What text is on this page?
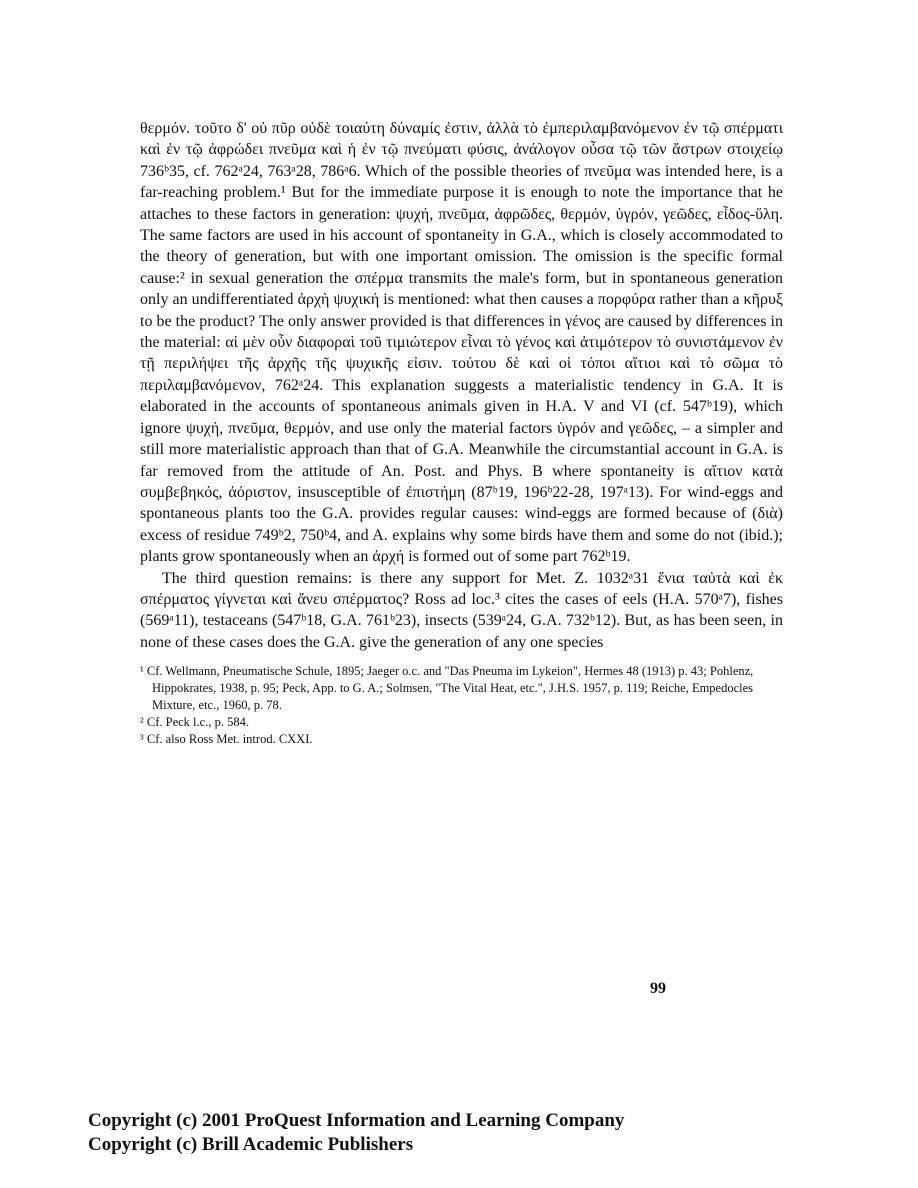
θερμόν. τοῦτο δ' οὐ πῦρ οὐδὲ τοιαύτη δύναμίς ἐστιν, ἀλλὰ τὸ ἐμπεριλαμβανόμενον ἐν τῷ σπέρματι καὶ ἐν τῷ ἀφρώδει πνεῦμα καὶ ἡ ἐν τῷ πνεύματι φύσις, ἀνάλογον οὖσα τῷ τῶν ἄστρων στοιχείῳ 736ᵇ35, cf. 762ᵃ24, 763ᵃ28, 786ᵃ6. Which of the possible theories of πνεῦμα was intended here, is a far-reaching problem.¹ But for the immediate purpose it is enough to note the importance that he attaches to these factors in generation: ψυχή, πνεῦμα, ἀφρῶδες, θερμόν, ὑγρόν, γεῶδες, εἶδος-ὕλη. The same factors are used in his account of spontaneity in G.A., which is closely accommodated to the theory of generation, but with one important omission. The omission is the specific formal cause:² in sexual generation the σπέρμα transmits the male's form, but in spontaneous generation only an undifferentiated ἀρχὴ ψυχική is mentioned: what then causes a πορφύρα rather than a κῆρυξ to be the product? The only answer provided is that differences in γένος are caused by differences in the material: αἱ μὲν οὖν διαφοραὶ τοῦ τιμιώτερον εἶναι τὸ γένος καὶ ἀτιμότερον τὸ συνιστάμενον ἐν τῇ περιλήψει τῆς ἀρχῆς τῆς ψυχικῆς εἰσιν. τούτου δὲ καὶ οἱ τόποι αἴτιοι καὶ τὸ σῶμα τὸ περιλαμβανόμενον, 762ᵃ24. This explanation suggests a materialistic tendency in G.A. It is elaborated in the accounts of spontaneous animals given in H.A. V and VI (cf. 547ᵇ19), which ignore ψυχή, πνεῦμα, θερμόν, and use only the material factors ὑγρόν and γεῶδες, – a simpler and still more materialistic approach than that of G.A. Meanwhile the circumstantial account in G.A. is far removed from the attitude of An. Post. and Phys. B where spontaneity is αἴτιον κατὰ συμβεβηκός, ἀόριστον, insusceptible of ἐπιστήμη (87ᵇ19, 196ᵇ22-28, 197ᵃ13). For wind-eggs and spontaneous plants too the G.A. provides regular causes: wind-eggs are formed because of (διὰ) excess of residue 749ᵇ2, 750ᵇ4, and A. explains why some birds have them and some do not (ibid.); plants grow spontaneously when an ἀρχή is formed out of some part 762ᵇ19.

The third question remains: is there any support for Met. Z. 1032ᵃ31 ἔνια ταὐτὰ καὶ ἐκ σπέρματος γίγνεται καὶ ἄνευ σπέρματος? Ross ad loc.³ cites the cases of eels (H.A. 570ᵃ7), fishes (569ᵃ11), testaceans (547ᵇ18, G.A. 761ᵇ23), insects (539ᵃ24, G.A. 732ᵇ12). But, as has been seen, in none of these cases does the G.A. give the generation of any one species

¹ Cf. Wellmann, Pneumatische Schule, 1895; Jaeger o.c. and "Das Pneuma im Lykeion", Hermes 48 (1913) p. 43; Pohlenz, Hippokrates, 1938, p. 95; Peck, App. to G. A.; Solmsen, "The Vital Heat, etc.", J.H.S. 1957, p. 119; Reiche, Empedocles Mixture, etc., 1960, p. 78.

² Cf. Peck l.c., p. 584.

³ Cf. also Ross Met. introd. CXXI.

99
Copyright (c) 2001 ProQuest Information and Learning Company
Copyright (c) Brill Academic Publishers
